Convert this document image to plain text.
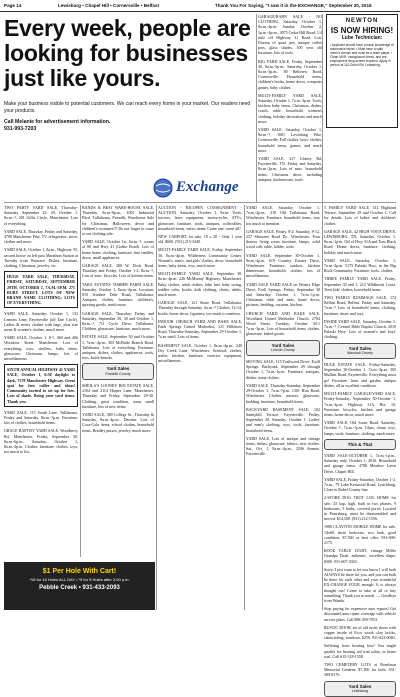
Page 14	Lewisburg • Chapel Hill • Cornersville • Belfast	Thank You For Saying, "I saw it in the EXCHANGE," September 20, 2016
Every week, people are looking for businesses just like yours.
Make your business visible to potential customers. We can reach every home in your market. Our readers need your products.
Call Melanie for advertisement information.
931-993-7203
Exchange
NEWTON
IS NOW HIRING!
Lube Technician:
• Applicant should have a basic knowledge of automotive repair. • Must have a valid driver's license and must be a team player. • Clean MVR, background check, and pre-employment drug screen required. Apply in person at 110 Dutch Rd, Lewisburg.
TWO PARTY YARD SALE, Thursday-Saturday, September 22, 29, October 1, 8a.m.-?, 201 Gillis Circle, Manchester. Lots of everything.
YARD SALE, Thursday, Friday and Saturday, 4708 Manchester Pike. TV, refrigerator, stove, clothes and more.
YARD SALE, October 1, 8a.m., Highway 55, second house on left past Marathon Station at Tuesday from Wartrace. Dishes, furniture, clothing, Christmas, jewelry, etc.
HUGE YARD SALE, THURSDAY, FRIDAY, SATURDAY, SEPTEMBER 29TH, OCTOBER 1, 7A.M.-5P.M. 271 RUBY STREET. LOTS OF NEW BRAND NAME CLOTHING; LOTS OF EVERYTHING.
YARD SALE, Saturday, October 1, 132 Lemons Lane, Fayetteville (off Tate Circle). Ladies & men's clothes with bags, plus size mens & women's clothes, much more.
YARD SALE, October 1, 8-?, 460 and 466 Woodrow Street, Manchester. Lots of everything, toys, strollers, baby items, glassware, Christmas, lamps, lots of miscellaneous.
SIXTH ANNUAL HIGHWAY 41 YARD SALE, October 1, 6:30 daylight to dark, 7278 Manchester Highway. Great spot for free coffee and ideas! Community invited to set up for free. Lots of shade. Bring your yard items. Thank you.
YARD SALE, 115 South Lane, Tullahoma. Friday and Saturday. 8a.m.-?p.m. Furniture, lots of clothes, household items.
GRACE BAPTIST YARD SALE, Woodberry Rd, Manchester. Friday, September 30, 8a.m.-6p.m., Saturday, October 1, 8a.m.-2p.m. Clothes, furniture, clothes, toys, too much to list.
BANDS & BEST WARE-HOUSE SALE, Thursday, 9a.m.-6p.m., 1001 Industrial Blvd, Tullahoma. Friendly Warehouse Sale for Christmas, Halloween, decor and children's costumes!!! Do not forget to come to our clothing sale.
YARD SALE, October 1st, 6a.m.-?, corner of 80 and Hwy 41 (Gatlin Road). Lots of home items, clothing, furniture, fine candles, decor, small appliances.
GARAGE SALE, 300 W. Dock Road, Thursday and Friday, October 1-2, 8a.m.-?, Lots of misc. bicycles. Lots of kitchen items.
TARA ESTATES TIMBER FARM SALE, Saturday, October 1, 8a.m.-4p.m. Location: 810 Ivanhoe Dale Road, Tullahoma. Antiques, clothes, furniture, children's, sporting goods, much more.
GARAGE SALE, Thursday, Friday and Saturday, September 29, 30 and October 1, 8a.m.-?, 711 Cycle Drive, Tullahoma. Children, glassware, furniture, much more.
ESTATE SALE, September 30 and October 1, 7a.m.-4p.m., 305 McBride Branch Road, Tullahoma. Lots of everything. Furniture, antiques, dishes, clothes, appliances, tools, toys, knick-knacks.
Yard Sales
Franklin County
SHEILA'S LOONEY BIN ESTATE SALE, 2104 and 2114 Harper Lane, Manchester, Thursday and Friday, September 29-30. Clothing, great condition, some small furniture, lots of new items.
YARD SALE, 380 College St., Thursday & Saturday, 8a.m.-4p.m., Decatur. Lots of Coca-Cola items, school clothes, household items, Bradley purses, jewelry, much more.
AUCTION - BICOPEN CONSIGNMENT - AUCTION. Saturday, October 1, 9a.m. Tools, tractors, lawn equipment, motorcycles, ATVs, glassware, furniture, tools, antiques, collectibles, household items, stereo items. Come one, come all!
NEW CARPORT for sale, 18 x 20 - Only 1 year old. $600. (931) 215-3440.
MULTI-FAMILY YARD SALE, Friday, September 30, 8a.m.-4p.m. Wilderness Community Center. Women's, men's, and girls' clothes, decor, household items, baby items, toys, much more.
MULTI-FAMILY YARD SALE, September 30, 8a.m.-4p.m. 226 McMurray Highway, Manchester. Baby clothes, adult clothes, bike bed, baby swing, toddler cribs, books, kids clothing, chairs, tables, much more.
GARAGE SALE, 121 Stone Road, Tullahoma. Thursday through Saturday. 6a.m.-? Clothes, 12-14, books, home decor, figurines, too much to mention.
INDOOR CHURCH YARD AND BAKE SALE, Faith Springs United Methodist, 121 Hillsboro Road, Thursday-Saturday, September 29-October 1, 7a.m.-until. Lots of items.
BASEMENT SALE, October 1, 8a.m.-4p.m., 240 Dry Creek Lane, Winchester. Seafood, clothes, trailer, kitchen, furniture, exercise equipment, miscellaneous.
YARD SALE, Saturday, October 1, 7a.m.-2p.m., 210 Old Tullahoma Road, Winchester. Furniture, household items, way too much to mention.
GARAGE SALE, Friday, 8-2, Saturday, 8-12, 237 Shawnee Road Dr., Winchester. Four drawer living room furniture, lamps, solid wood crib, table, ladder, tools.
YARD SALE, September 30-October 1, 8a.m.-4p.m. 619 Country Estates Drive, Winchester. Furniture, outdoor, kitchen dinnerware, household, clothes, lots of miscellaneous.
YARD SALE YARD SALE on Wintex Edge Drive, Ecell Springs. Friday, September 30 and Saturday, October 1, 7a.m.-1p.m. Christmas, odds and ends, home decor, pictures, bedding, curtains, kitchen.
CHURCH YARD AND BAKE SALE, Woodland United Methodist Church, 2704 Wood Street, Tuesday, October 30-1 7a.m.-3p.m. Lots of household items, clothes, glassware, baked goods.
Yard Sales
Lincoln County
MOVING SALE, 115 Trailwood Drive, Estill Springs. Backyard, September 29 through October 1, 7a.m.-1p.m. Furniture, antiques, dishes, some clothes.
YARD SALE, Thursday-Saturday, September 29-October 1, 7a.m.-?p.m. 1301 Rim Road, Winchester. Clothes, mirrors, glassware, bedding, furniture, household items.
BACKYARD BASEMENT SALE, 102 Sunnyhill Terrace, Fayetteville. Friday, September 30, Saturday, October 1. Ladies' and men's clothing, toys, tools, furniture, household items.
YARD SALE, Lots of antique and vintage items, dishes, glassware, fabrics, new clothes. Sat., Oct. 1, 8a.m.-4p.m., 3206 Avenue, Fayetteville.
GARAGE/BARN SALE - NO CLOTHING, Saturday, October 1, 8a.m.-4p.m. Sunday, October 2, 1p.m.-4p.m., 3075 Cedar Hill Road, 1/4 mile off Highway 31 Road, Lott. Dozens of quart jars, antique coffee pots, glass shades, 100 year old furniture, lots of tools.
BIG YARD SALE, Friday, September 30, 8a.m.-5p.m., Saturday, October 1, 8a.m.-3p.m., 80 Bellview Road, Cornersville. Household items, children's books, home decor, computer games, baby clothes.
MULTI-FAMILY YARD SALE, Saturday, October 1, 7a.m.-3p.m. Tools, kitchen, baby items, Christmas, dishes, couch, table, household, women's clothing, holiday decorations and much more.
YARD SALE, Saturday, October 1, 8a.m.-?, 1681 Lewisburg Pike, Cornersville. Fall clothes, boys' clothes, household items, games, and much more.
YARD SALE, 417 Liberty Rd, Fayetteville, TN. Friday and Saturday, 8a.m.-2p.m. Lots of misc. household items, Christmas decor, including antiques, kitchenware, tools.
5 FAMILY YARD SALE, 312 Highland Terrace, September 29 and October 1, Call for details. Lots of ladies' and children's clothes.
GARAGE SALE, 42 HIGH VISTA DRIVE, LEWISBURG, TN, Saturday, October 1, 8a.m.-1p.m. Off of Hwy 31A and Tom Black Road. Home decor, furniture, clothing, holiday and much more.
YARD SALE, Saturday, October 1, 7a.m.-2p.m. 5175 Pulaski Hwy, in the Big Rock Community. Furniture, tools, clothes.
THREE FAMILY YARD SALE, Friday, September 30 and 1, 212 Wildbrook Court. Teen kids' clothes, household items.
TWO FAMILY RUMMAGE SALE, 174 Belfast Road, Belfast. Friday and Saturday, 7a.m.-? Lots of household items, clothing, furniture, shoes and toys.
INSIDE YARD SALE, Saturday, October 1, 7a.m.-?, Central Bible Baptist Church, 2010 Pulaski Hwy. Lots of women's and boys' clothing.
Yard Sales
Marshall County
HUGE ESTATE SALE, Friday-Saturday, September 30-October 1, 7a.m.-4p.m. 305 Mullins Road, Fayetteville. Everything must go! Furniture, lawn and garden, antique dishes, all in excellent condition.
MULTI-FAMILY GARAGE/YARD SALE, Friday-Saturday, September 30-October 1, 7a.m.-2p.m. Highway 31A, Rte. 10. Furniture, bicycles, kitchen and garage items, home decor, much more.
YARD SALE: Old Swan Road, Saturday, October 1, 7a.m.-?p.m. Glass, china, toys, lamps, tools, furniture, clothing, much more.
This & That
YARD SALE-OCTOBER 1, 7a.m.-1p.m., Saturday only, October 1, 2016. Household and garage items. 4788 Meadow Lawn Drive, Chapel Hill.
YARD SALE, Friday-Saturday, October 1-2, 7a.m., 79 Lake Kenwood Road, Lynchburg. Close to Rubel County line.
2-STORE DOG TROT LOG HOME for sale, 25 logs high, built in two phases, 9 bedrooms, 3 baths, covered porch. Located in Petersburg, must be disassembled and moved. $14,500. (931) 212-1556.
1986 CLAYTON MOBILE HOME for sale, 14x60, three bedroom, two bath, good condition. $7,500 or best offer. 931-600-2175.
ROOK TABLE LIGHT, vintage Miller Grandpa Draft, authentic, excellent shape, $300. 931-607-3043.
Sorry, I just want to let you know I will both ALWAYS be there for you, and you can both be there for each other and your wonderful EX-CHANGE FOUR enough. It is always thought out! Come to take at all or buy something. Thank you so much. — Goodbye from Wanda.
Stop paying for expensive auto repairs! Get discounted auto repair coverage with vehicle service plans. Call 888-450-7053.
RUSTIC DOOR, set of old rustic doors with copper inside of Ecco wood, clay bricks, cabin siding, windows. $250. 931-622-0040.
Suffering from hearing loss? You might qualify for hearing aid trial today, in home trial. Call 615-318-1558.
TWO CEMETERY LOTS at Roselawn Memorial Gardens. $7,300 for both. 931-389-8176.
Yard Sales
Lewisburg
$1 Per Hole With Cart!
*18 for 18 Holes ALL DAY • *9 for 9 Holes after 2:00 p.m.
Pebble Creek • 931-433-2093
